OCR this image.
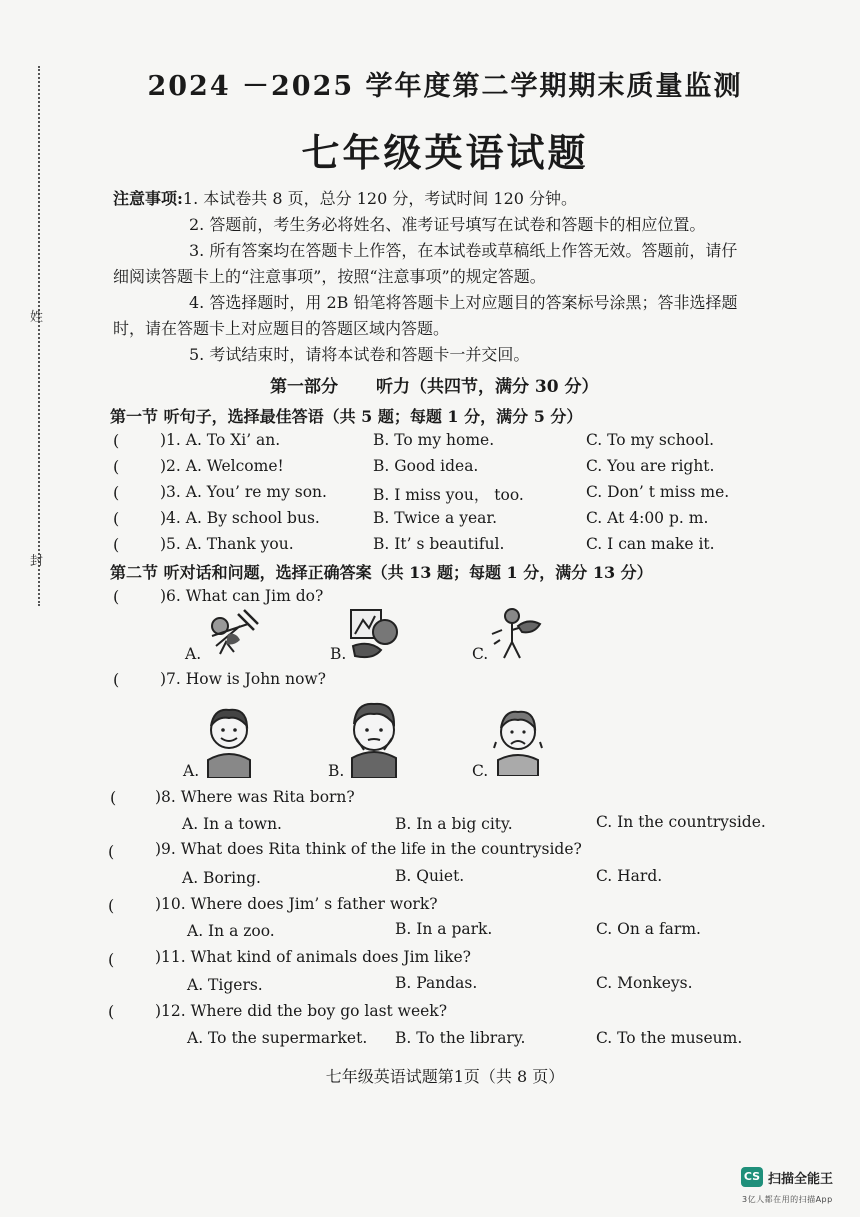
姓
封
2024 －2025 学年度第二学期期末质量监测
七年级英语试题
注意事项:1. 本试卷共 8 页，总分 120 分，考试时间 120 分钟。
2. 答题前，考生务必将姓名、准考证号填写在试卷和答题卡的相应位置。
3. 所有答案均在答题卡上作答，在本试卷或草稿纸上作答无效。答题前，请仔
细阅读答题卡上的“注意事项”，按照“注意事项”的规定答题。
4. 答选择题时，用 2B 铅笔将答题卡上对应题目的答案标号涂黑；答非选择题
时，请在答题卡上对应题目的答题区域内答题。
5. 考试结束时，请将本试卷和答题卡一并交回。
第一部分 听力（共四节，满分 30 分）
第一节 听句子，选择最佳答语（共 5 题；每题 1 分，满分 5 分）
(	)1. A. To Xi’ an.	B. To my home.	C. To my school.
(	)2. A. Welcome!	B. Good idea.	C. You are right.
(	)3. A. You’ re my son.	B. I miss you， too.	C. Don’ t miss me.
(	)4. A. By school bus.	B. Twice a year.	C. At 4:00 p. m.
(	)5. A. Thank you.	B. It’ s beautiful.	C. I can make it.
第二节 听对话和问题，选择正确答案（共 13 题；每题 1 分，满分 13 分）
(	)6. What can Jim do?
A.	B.	C.
(	)7. How is John now?
A.	B.	C.
(	)8. Where was Rita born?
A. In a town.	B. In a big city.	C. In the countryside.
(	)9. What does Rita think of the life in the countryside?
A. Boring.	B. Quiet.	C. Hard.
(	)10. Where does Jim’ s father work?
A. In a zoo.	B. In a park.	C. On a farm.
(	)11. What kind of animals does Jim like?
A. Tigers.	B. Pandas.	C. Monkeys.
(	)12. Where did the boy go last week?
A. To the supermarket. B. To the library.	C. To the museum.
七年级英语试题第1页（共 8 页）
CS 扫描全能王
3亿人都在用的扫描App
